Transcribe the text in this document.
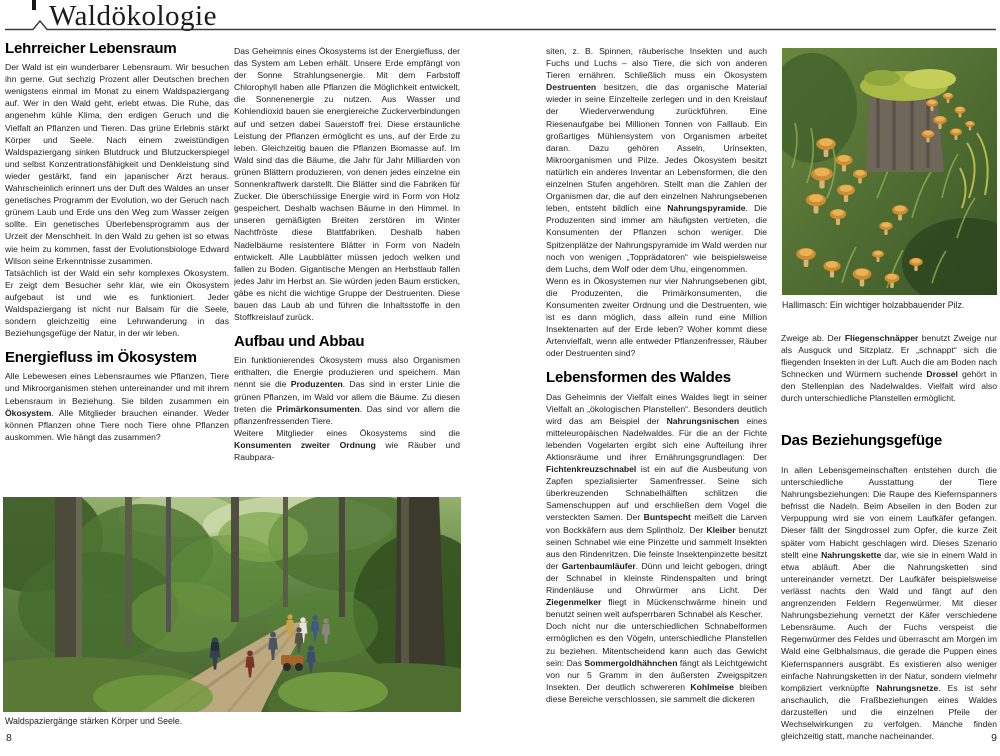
Waldökologie
Lehrreicher Lebensraum

Der Wald ist ein wunderbarer Lebensraum. Wir besuchen ihn gerne. Gut sechzig Prozent aller Deutschen brechen wenigstens einmal im Monat zu einem Waldspaziergang auf. Wer in den Wald geht, erlebt etwas. Die Ruhe, das angenehm kühle Klima, den erdigen Geruch und die Vielfalt an Pflanzen und Tieren. Das grüne Erlebnis stärkt Körper und Seele. Nach einem zweistündigen Waldspaziergang sinken Blutdruck und Blutzuckerspiegel und selbst Konzentrationsfähigkeit und Denkleistung sind wieder gestärkt, fand ein japanischer Arzt heraus. Wahrscheinlich erinnert uns der Duft des Waldes an unser genetisches Programm der Evolution, wo der Geruch nach grünem Laub und Erde uns den Weg zum Wasser zeigen sollte. Ein genetisches Überlebensprogramm aus der Urzeit der Menschheit. In den Wald zu gehen ist so etwas wie heim zu kommen, fasst der Evolutionsbiologe Edward Wilson seine Erkenntnisse zusammen.

Tatsächlich ist der Wald ein sehr komplexes Ökosystem. Er zeigt dem Besucher sehr klar, wie ein Ökosystem aufgebaut ist und wie es funktioniert. Jeder Waldspaziergang ist nicht nur Balsam für die Seele, sondern gleichzeitig eine Lehrwanderung in das Beziehungsgefüge der Natur, in der wir leben.

Energiefluss im Ökosystem

Alle Lebewesen eines Lebensraumes wie Pflanzen, Tiere und Mikroorganismen stehen untereinander und mit ihrem Lebensraum in Beziehung. Sie bilden zusammen ein Ökosystem. Alle Mitglieder brauchen einander. Weder können Pflanzen ohne Tiere noch Tiere ohne Pflanzen auskommen. Wie hängt das zusammen?

Das Geheimnis eines Ökosystems ist der Energiefluss, der das System am Leben erhält. Unsere Erde empfängt von der Sonne Strahlungsenergie. Mit dem Farbstoff Chlorophyll haben alle Pflanzen die Möglichkeit entwickelt, die Sonnenenergie zu nutzen. Aus Wasser und Kohlendioxid bauen sie energiereiche Zuckerverbindungen auf und setzen dabei Sauerstoff frei. Diese erstaunliche Leistung der Pflanzen ermöglicht es uns, auf der Erde zu leben. Gleichzeitig bauen die Pflanzen Biomasse auf. Im Wald sind das die Bäume, die Jahr für Jahr Milliarden von grünen Blättern produzieren, von denen jedes einzelne ein Sonnenkraftwerk darstellt. Die Blätter sind die Fabriken für Zucker. Die überschüssige Energie wird in Form von Holz gespeichert. Deshalb wachsen Bäume in den Himmel. In unseren gemäßigten Breiten zerstören im Winter Nachtfröste diese Blattfabriken. Deshalb haben Nadelbäume resistentere Blätter in Form von Nadeln entwickelt. Alle Laubblätter müssen jedoch welken und fallen zu Boden. Gigantische Mengen an Herbstlaub fallen jedes Jahr im Herbst an. Sie würden jeden Baum ersticken, gäbe es nicht die wichtige Gruppe der Destruenten. Diese bauen das Laub ab und führen die Inhaltsstoffe in den Stoffkreislauf zurück.

Aufbau und Abbau

Ein funktionierendes Ökosystem muss also Organismen enthalten, die Energie produzieren und speichern. Man nennt sie die Produzenten. Das sind in erster Linie die grünen Pflanzen, im Wald vor allem die Bäume. Zu diesen treten die Primärkonsumenten. Das sind vor allem die pflanzenfressenden Tiere.

Weitere Mitglieder eines Ökosystems sind die Konsumenten zweiter Ordnung wie Räuber und Raubpara-

Waldspaziergänge stärken Körper und Seele.
8

siten, z. B. Spinnen, räuberische Insekten und auch Fuchs und Luchs – also Tiere, die sich von anderen Tieren ernähren. Schließlich muss ein Ökosystem Destruenten besitzen, die das organische Material wieder in seine Einzelteile zerlegen und in den Kreislauf der Wiederverwendung zurückführen. Eine Riesenaufgabe bei Millionen Tonnen von Falllaub. Ein großartiges Mühlensystem von Organismen arbeitet daran. Dazu gehören Asseln, Urinsekten, Mikroorganismen und Pilze. Jedes Ökosystem besitzt natürlich ein anderes Inventar an Lebensformen, die den einzelnen Stufen angehören. Stellt man die Zahlen der Organismen dar, die auf den einzelnen Nahrungsebenen leben, entsteht bildlich eine Nahrungspyramide. Die Produzenten sind immer am häufigsten vertreten, die Konsumenten der Pflanzen schon weniger. Die Spitzenplätze der Nahrungspyramide im Wald werden nur noch von wenigen „Topprädatoren“ wie beispielsweise dem Luchs, dem Wolf oder dem Uhu, eingenommen.

Wenn es in Ökosystemen nur vier Nahrungsebenen gibt, die Produzenten, die Primärkonsumenten, die Konsumenten zweiter Ordnung und die Destruenten, wie ist es dann möglich, dass allein rund eine Million Insektenarten auf der Erde leben? Woher kommt diese Artenvielfalt, wenn alle entweder Pflanzenfresser, Räuber oder Destruenten sind?

Lebensformen des Waldes

Das Geheimnis der Vielfalt eines Waldes liegt in seiner Vielfalt an „ökologischen Planstellen“. Besonders deutlich wird das am Beispiel der Nahrungsnischen eines mitteleuropäischen Nadelwaldes. Für die an der Fichte lebenden Vogelarten ergibt sich eine Aufteilung ihrer Aktionsräume und ihrer Ernährungsgrundlagen: Der Fichtenkreuzschnabel ist ein auf die Ausbeutung von Zapfen spezialisierter Samenfresser. Seine sich überkreuzenden Schnabelhälften schlitzen die Samenschuppen auf und erschließen dem Vogel die versteckten Samen. Der Buntspecht meißelt die Larven von Bockkäfern aus dem Splintholz. Der Kleiber benutzt seinen Schnabel wie eine Pinzette und sammelt Insekten aus den Rindenritzen. Die feinste Insektenpinzette besitzt der Gartenbaumläufer. Dünn und leicht gebogen, dringt der Schnabel in kleinste Rindenspalten und bringt Rindenläuse und Ohrwürmer ans Licht. Der Ziegenmelker fliegt in Mückenschwärme hinein und benutzt seinen weit aufsperrbaren Schnabel als Kescher.

Doch nicht nur die unterschiedlichen Schnabelformen ermöglichen es den Vögeln, unterschiedliche Planstellen zu beziehen. Mitentscheidend kann auch das Gewicht sein: Das Sommergoldhähnchen fängt als Leichtgewicht von nur 5 Gramm in den äußersten Zweigspitzen Insekten. Der deutlich schwereren Kohlmeise bleiben diese Bereiche verschlossen, sie sammelt die dickeren

Hallimasch: Ein wichtiger holzabbauender Pilz.

Zweige ab. Der Fliegenschnäpper benutzt Zweige nur als Ausguck und Sitzplatz. Er „schnappt“ sich die fliegenden Insekten in der Luft. Auch die am Boden nach Schnecken und Würmern suchende Drossel gehört in den Stellenplan des Nadelwaldes. Vielfalt wird also durch unterschiedliche Planstellen ermöglicht.

Das Beziehungsgefüge

In allen Lebensgemeinschaften entstehen durch die unterschiedliche Ausstattung der Tiere Nahrungsbeziehungen: Die Raupe des Kiefernspanners befrisst die Nadeln. Beim Abseilen in den Boden zur Verpuppung wird sie von einem Laufkäfer gefangen. Dieser fällt der Singdrossel zum Opfer, die kurze Zeit später vom Habicht geschlagen wird. Dieses Szenario stellt eine Nahrungskette dar, wie sie in einem Wald in etwa abläuft. Aber die Nahrungsketten sind untereinander vernetzt. Der Laufkäfer beispielsweise verlässt nachts den Wald und fängt auf den angrenzenden Feldern Regenwürmer. Mit dieser Nahrungsbeziehung vernetzt der Käfer verschiedene Lebensräume. Auch der Fuchs verspeist die Regenwürmer des Feldes und überrascht am Morgen im Wald eine Gelbhalsmaus, die gerade die Puppen eines Kiefernspanners ausgräbt. Es existieren also weniger einfache Nahrungsketten in der Natur, sondern vielmehr kompliziert verknüpfte Nahrungsnetze. Es ist sehr anschaulich, die Fraßbeziehungen eines Waldes darzustellen und die einzelnen Pfeile der Wechselwirkungen zu verfolgen. Manche finden gleichzeitig statt, manche nacheinander.	9
